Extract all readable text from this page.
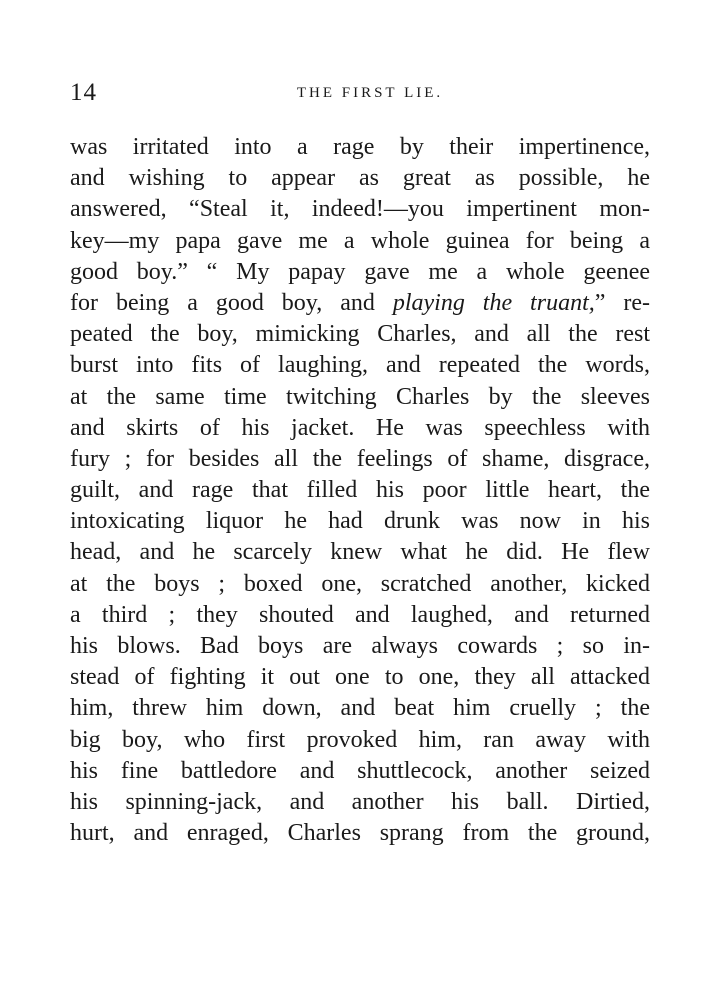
14	THE FIRST LIE.
was irritated into a rage by their impertinence,
and wishing to appear as great as possible, he
answered, “Steal it, indeed!—you impertinent mon-
key—my papa gave me a whole guinea for being a
good boy.” “ My papay gave me a whole geenee
for being a good boy, and playing the truant,” re-
peated the boy, mimicking Charles, and all the rest
burst into fits of laughing, and repeated the words,
at the same time twitching Charles by the sleeves
and skirts of his jacket. He was speechless with
fury ; for besides all the feelings of shame, disgrace,
guilt, and rage that filled his poor little heart, the
intoxicating liquor he had drunk was now in his
head, and he scarcely knew what he did. He flew
at the boys ; boxed one, scratched another, kicked
a third ; they shouted and laughed, and returned
his blows. Bad boys are always cowards ; so in-
stead of fighting it out one to one, they all attacked
him, threw him down, and beat him cruelly ; the
big boy, who first provoked him, ran away with
his fine battledore and shuttlecock, another seized
his spinning-jack, and another his ball. Dirtied,
hurt, and enraged, Charles sprang from the ground,
